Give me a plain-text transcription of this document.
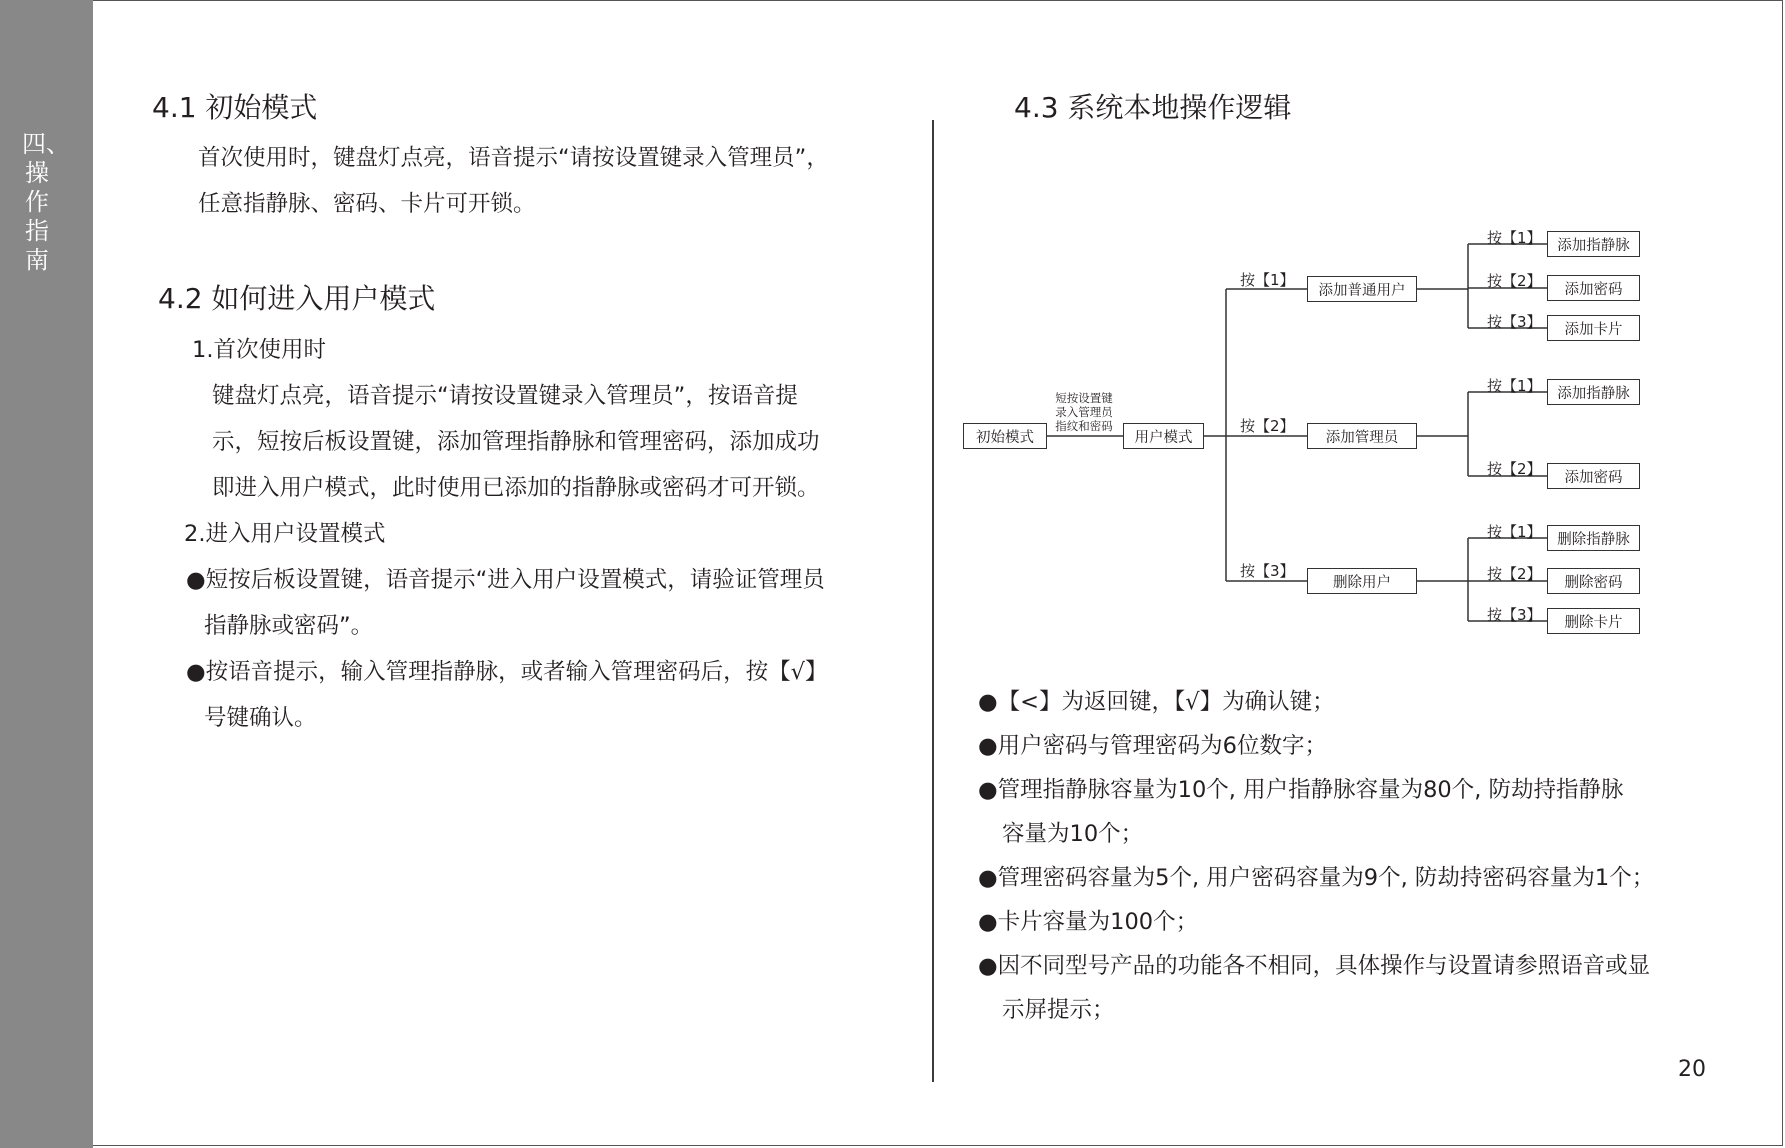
四、操作指南
4.1 初始模式

首次使用时，键盘灯点亮，语音提示“请按设置键录入管理员”，

任意指静脉、密码、卡片可开锁。

4.2 如何进入用户模式

1.首次使用时

键盘灯点亮，语音提示“请按设置键录入管理员”，按语音提

示，短按后板设置键，添加管理指静脉和管理密码，添加成功

即进入用户模式，此时使用已添加的指静脉或密码才可开锁。

2.进入用户设置模式

●短按后板设置键，语音提示“进入用户设置模式，请验证管理员

指静脉或密码”。

●按语音提示，输入管理指静脉，或者输入管理密码后，按【√】

号键确认。

4.3 系统本地操作逻辑
初始模式
短按设置键
录入管理员
指纹和密码
用户模式
按【1】
按【2】
按【3】
添加普通用户
添加管理员
删除用户
按【1】
按【2】
按【3】
添加指静脉
添加密码
添加卡片
按【1】
按【2】
添加指静脉
添加密码
按【1】
按【2】
按【3】
删除指静脉
删除密码
删除卡片

●【<】为返回键，【√】为确认键；

●用户密码与管理密码为6位数字；

●管理指静脉容量为10个, 用户指静脉容量为80个, 防劫持指静脉

容量为10个；

●管理密码容量为5个, 用户密码容量为9个, 防劫持密码容量为1个；

●卡片容量为100个；

●因不同型号产品的功能各不相同，具体操作与设置请参照语音或显

示屏提示；

20
